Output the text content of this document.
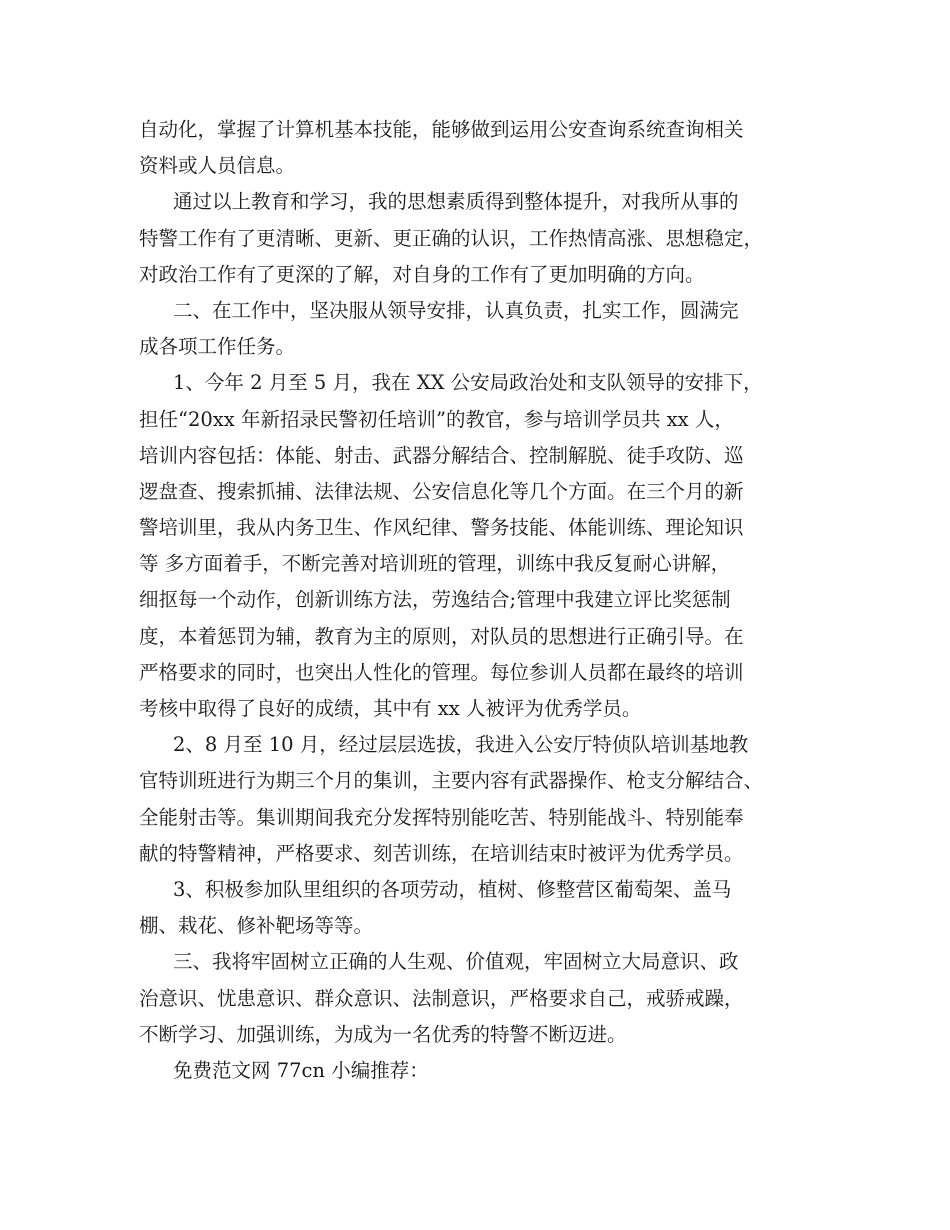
自动化，掌握了计算机基本技能，能够做到运用公安查询系统查询相关
资料或人员信息。
通过以上教育和学习，我的思想素质得到整体提升，对我所从事的
特警工作有了更清晰、更新、更正确的认识，工作热情高涨、思想稳定，
对政治工作有了更深的了解，对自身的工作有了更加明确的方向。
二、在工作中，坚决服从领导安排，认真负责，扎实工作，圆满完
成各项工作任务。
1、今年 2 月至 5 月，我在 XX 公安局政治处和支队领导的安排下，
担任“20xx 年新招录民警初任培训”的教官，参与培训学员共 xx 人，
培训内容包括：体能、射击、武器分解结合、控制解脱、徒手攻防、巡
逻盘查、搜索抓捕、法律法规、公安信息化等几个方面。在三个月的新
警培训里，我从内务卫生、作风纪律、警务技能、体能训练、理论知识
等 多方面着手，不断完善对培训班的管理，训练中我反复耐心讲解，
细抠每一个动作，创新训练方法，劳逸结合;管理中我建立评比奖惩制
度，本着惩罚为辅，教育为主的原则，对队员的思想进行正确引导。在
严格要求的同时，也突出人性化的管理。每位参训人员都在最终的培训
考核中取得了良好的成绩，其中有 xx 人被评为优秀学员。
2、8 月至 10 月，经过层层选拔，我进入公安厅特侦队培训基地教
官特训班进行为期三个月的集训，主要内容有武器操作、枪支分解结合、
全能射击等。集训期间我充分发挥特别能吃苦、特别能战斗、特别能奉
献的特警精神，严格要求、刻苦训练，在培训结束时被评为优秀学员。
3、积极参加队里组织的各项劳动，植树、修整营区葡萄架、盖马
棚、栽花、修补靶场等等。
三、我将牢固树立正确的人生观、价值观，牢固树立大局意识、政
治意识、忧患意识、群众意识、法制意识，严格要求自己，戒骄戒躁，
不断学习、加强训练，为成为一名优秀的特警不断迈进。
免费范文网 77cn 小编推荐：
